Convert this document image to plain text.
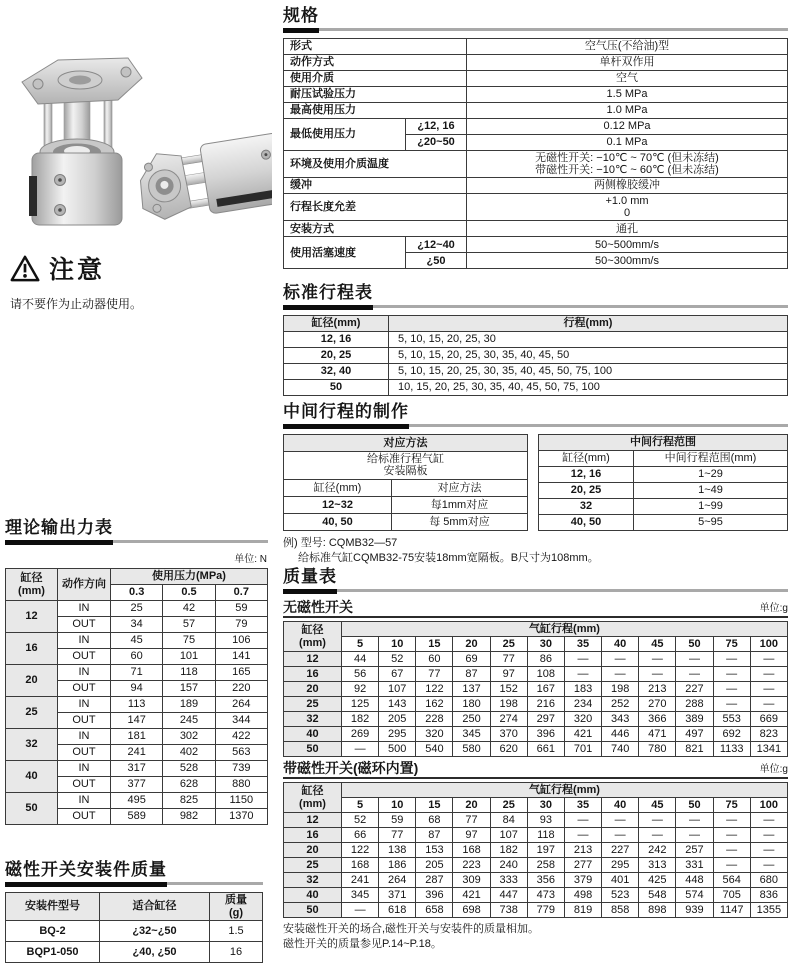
注意
请不要作为止动器使用。
理论输出力表
单位: N
缸径
(mm)	动作方向	使用压力(MPa)		
		0.3	0.5	0.7
12	IN	25	42	59
	OUT	34	57	79
16	IN	45	75	106
	OUT	60	101	141
20	IN	71	118	165
	OUT	94	157	220
25	IN	113	189	264
	OUT	147	245	344
32	IN	181	302	422
	OUT	241	402	563
40	IN	317	528	739
	OUT	377	628	880
50	IN	495	825	1150
	OUT	589	982	1370
磁性开关安装件质量
安装件型号	适合缸径	质量
(g)
BQ-2	¿32~¿50	1.5
BQP1-050	¿40, ¿50	16
规格
形式		空气压(不给油)型
动作方式		单杆双作用
使用介质		空气
耐压试验压力		1.5 MPa
最高使用压力		1.0 MPa
最低使用压力	¿12, 16	0.12 MPa
	¿20~50	0.1 MPa
环境及使用介质温度		无磁性开关: −10℃ ~ 70℃ (但未冻结)
带磁性开关: −10℃ ~ 60℃ (但未冻结)
缓冲		两侧橡胶缓冲
行程长度允差		+1.0 mm
0
安装方式		通孔
使用活塞速度	¿12~40	50~500mm/s
	¿50	50~300mm/s
标准行程表
缸径(mm)	行程(mm)
12, 16	5, 10, 15, 20, 25, 30
20, 25	5, 10, 15, 20, 25, 30, 35, 40, 45, 50
32, 40	5, 10, 15, 20, 25, 30, 35, 40, 45, 50, 75, 100
50	10, 15, 20, 25, 30, 35, 40, 45, 50, 75, 100
中间行程的制作
对应方法	
给标准行程气缸
安装隔板	
缸径(mm)	对应方法
12~32	每1mm对应
40, 50	每 5mm对应
中间行程范围	
缸径(mm)	中间行程范围(mm)
12, 16	1~29
20, 25	1~49
32	1~99
40, 50	5~95
例) 型号: CQMB32—57
给标准气缸CQMB32-75安装18mm宽隔板。B尺寸为108mm。
质量表
无磁性开关	单位:g
缸径
(mm)	气缸行程(mm)											
	5	10	15	20	25	30	35	40	45	50	75	100
12	44	52	60	69	77	86	—	—	—	—	—	—
16	56	67	77	87	97	108	—	—	—	—	—	—
20	92	107	122	137	152	167	183	198	213	227	—	—
25	125	143	162	180	198	216	234	252	270	288	—	—
32	182	205	228	250	274	297	320	343	366	389	553	669
40	269	295	320	345	370	396	421	446	471	497	692	823
50	—	500	540	580	620	661	701	740	780	821	1133	1341
带磁性开关(磁环内置)	单位:g
缸径
(mm)	气缸行程(mm)											
	5	10	15	20	25	30	35	40	45	50	75	100
12	52	59	68	77	84	93	—	—	—	—	—	—
16	66	77	87	97	107	118	—	—	—	—	—	—
20	122	138	153	168	182	197	213	227	242	257	—	—
25	168	186	205	223	240	258	277	295	313	331	—	—
32	241	264	287	309	333	356	379	401	425	448	564	680
40	345	371	396	421	447	473	498	523	548	574	705	836
50	—	618	658	698	738	779	819	858	898	939	1147	1355
安装磁性开关的场合,磁性开关与安装件的质量相加。
磁性开关的质量参见P.14~P.18。
